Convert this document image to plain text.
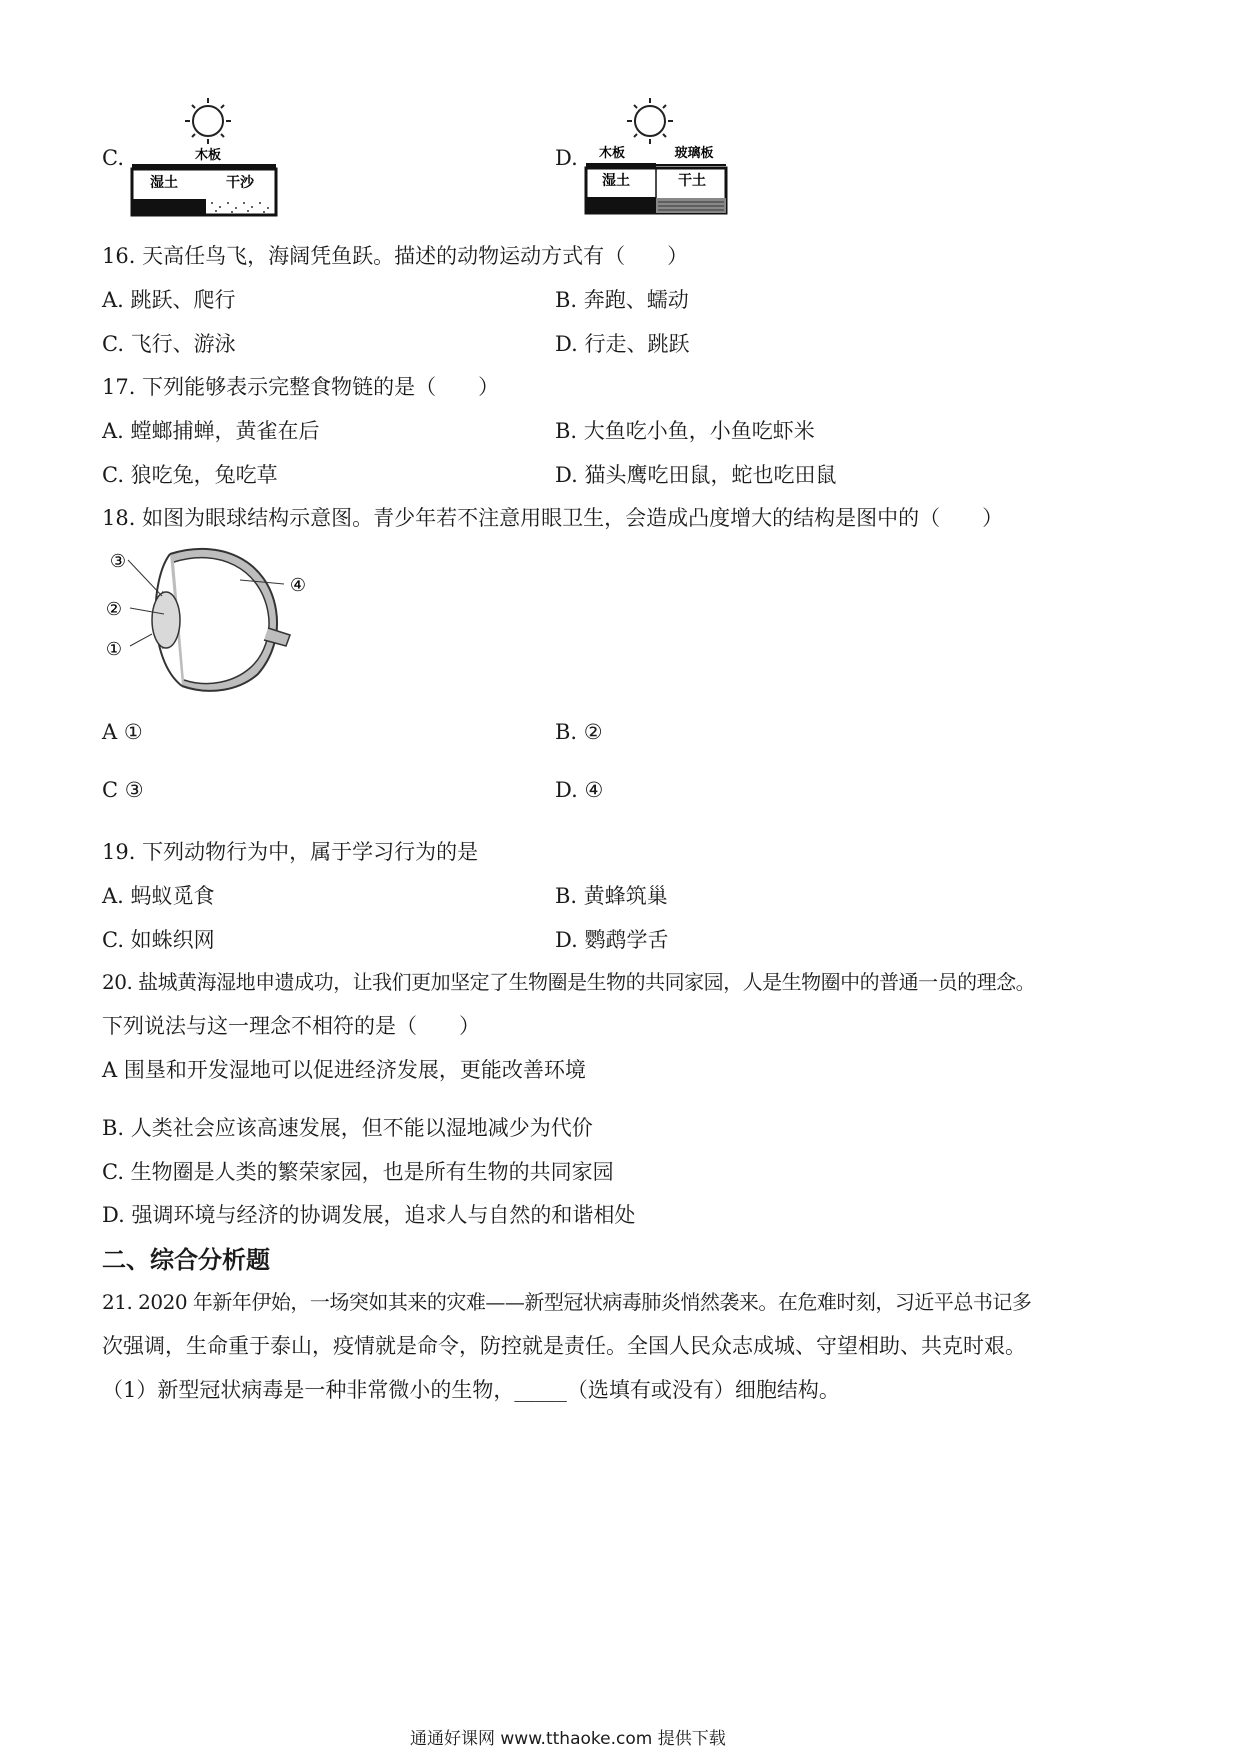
C.	木板
湿土	干沙
D. 木板	玻璃板
湿土	干土
16. 天高任鸟飞，海阔凭鱼跃。描述的动物运动方式有（　　）
A. 跳跃、爬行	B. 奔跑、蠕动
C. 飞行、游泳	D. 行走、跳跃
17. 下列能够表示完整食物链的是（　　）
A. 螳螂捕蝉，黄雀在后	B. 大鱼吃小鱼，小鱼吃虾米
C. 狼吃兔，兔吃草	D. 猫头鹰吃田鼠，蛇也吃田鼠
18. 如图为眼球结构示意图。青少年若不注意用眼卫生，会造成凸度增大的结构是图中的（　　）
③
②
①
④
A ①	B. ②
C ③	D. ④
19. 下列动物行为中，属于学习行为的是
A. 蚂蚁觅食	B. 黄蜂筑巢
C. 如蛛织网	D. 鹦鹉学舌
20. 盐城黄海湿地申遗成功，让我们更加坚定了生物圈是生物的共同家园，人是生物圈中的普通一员的理念。
下列说法与这一理念不相符的是（　　）
A 围垦和开发湿地可以促进经济发展，更能改善环境
B. 人类社会应该高速发展，但不能以湿地减少为代价
C. 生物圈是人类的繁荣家园，也是所有生物的共同家园
D. 强调环境与经济的协调发展，追求人与自然的和谐相处
二、综合分析题
21. 2020 年新年伊始，一场突如其来的灾难——新型冠状病毒肺炎悄然袭来。在危难时刻，习近平总书记多
次强调，生命重于泰山，疫情就是命令，防控就是责任。全国人民众志成城、守望相助、共克时艰。
（1）新型冠状病毒是一种非常微小的生物，_____（选填有或没有）细胞结构。
通通好课网 www.tthaoke.com 提供下载
